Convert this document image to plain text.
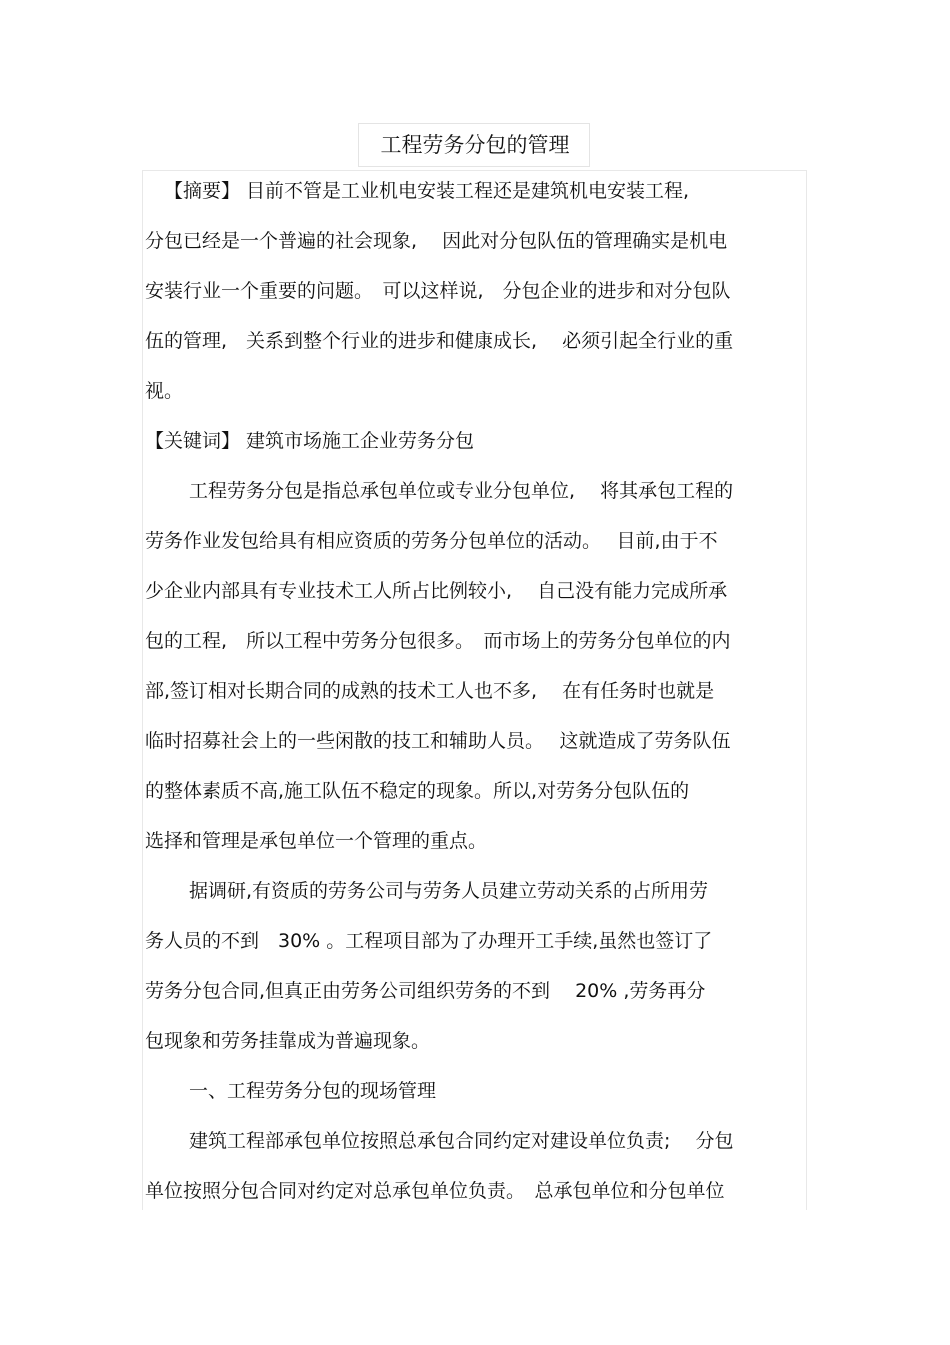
工程劳务分包的管理
【摘要】 目前不管是工业机电安装工程还是建筑机电安装工程,
分包已经是一个普遍的社会现象,　 因此对分包队伍的管理确实是机电
安装行业一个重要的问题。　可以这样说,　分包企业的进步和对分包队
伍的管理,　关系到整个行业的进步和健康成长,　 必须引起全行业的重
视。
【关键词】 建筑市场施工企业劳务分包
工程劳务分包是指总承包单位或专业分包单位,　 将其承包工程的
劳务作业发包给具有相应资质的劳务分包单位的活动。　 目前,由于不
少企业内部具有专业技术工人所占比例较小,　 自己没有能力完成所承
包的工程,　所以工程中劳务分包很多。　而市场上的劳务分包单位的内
部,签订相对长期合同的成熟的技术工人也不多,　 在有任务时也就是
临时招募社会上的一些闲散的技工和辅助人员。　 这就造成了劳务队伍
的整体素质不高,施工队伍不稳定的现象。所以,对劳务分包队伍的
选择和管理是承包单位一个管理的重点。
据调研,有资质的劳务公司与劳务人员建立劳动关系的占所用劳
务人员的不到　30% 。工程项目部为了办理开工手续,虽然也签订了
劳务分包合同,但真正由劳务公司组织劳务的不到　 20% ,劳务再分
包现象和劳务挂靠成为普遍现象。
一、工程劳务分包的现场管理
建筑工程部承包单位按照总承包合同约定对建设单位负责;　 分包
单位按照分包合同对约定对总承包单位负责。　总承包单位和分包单位
